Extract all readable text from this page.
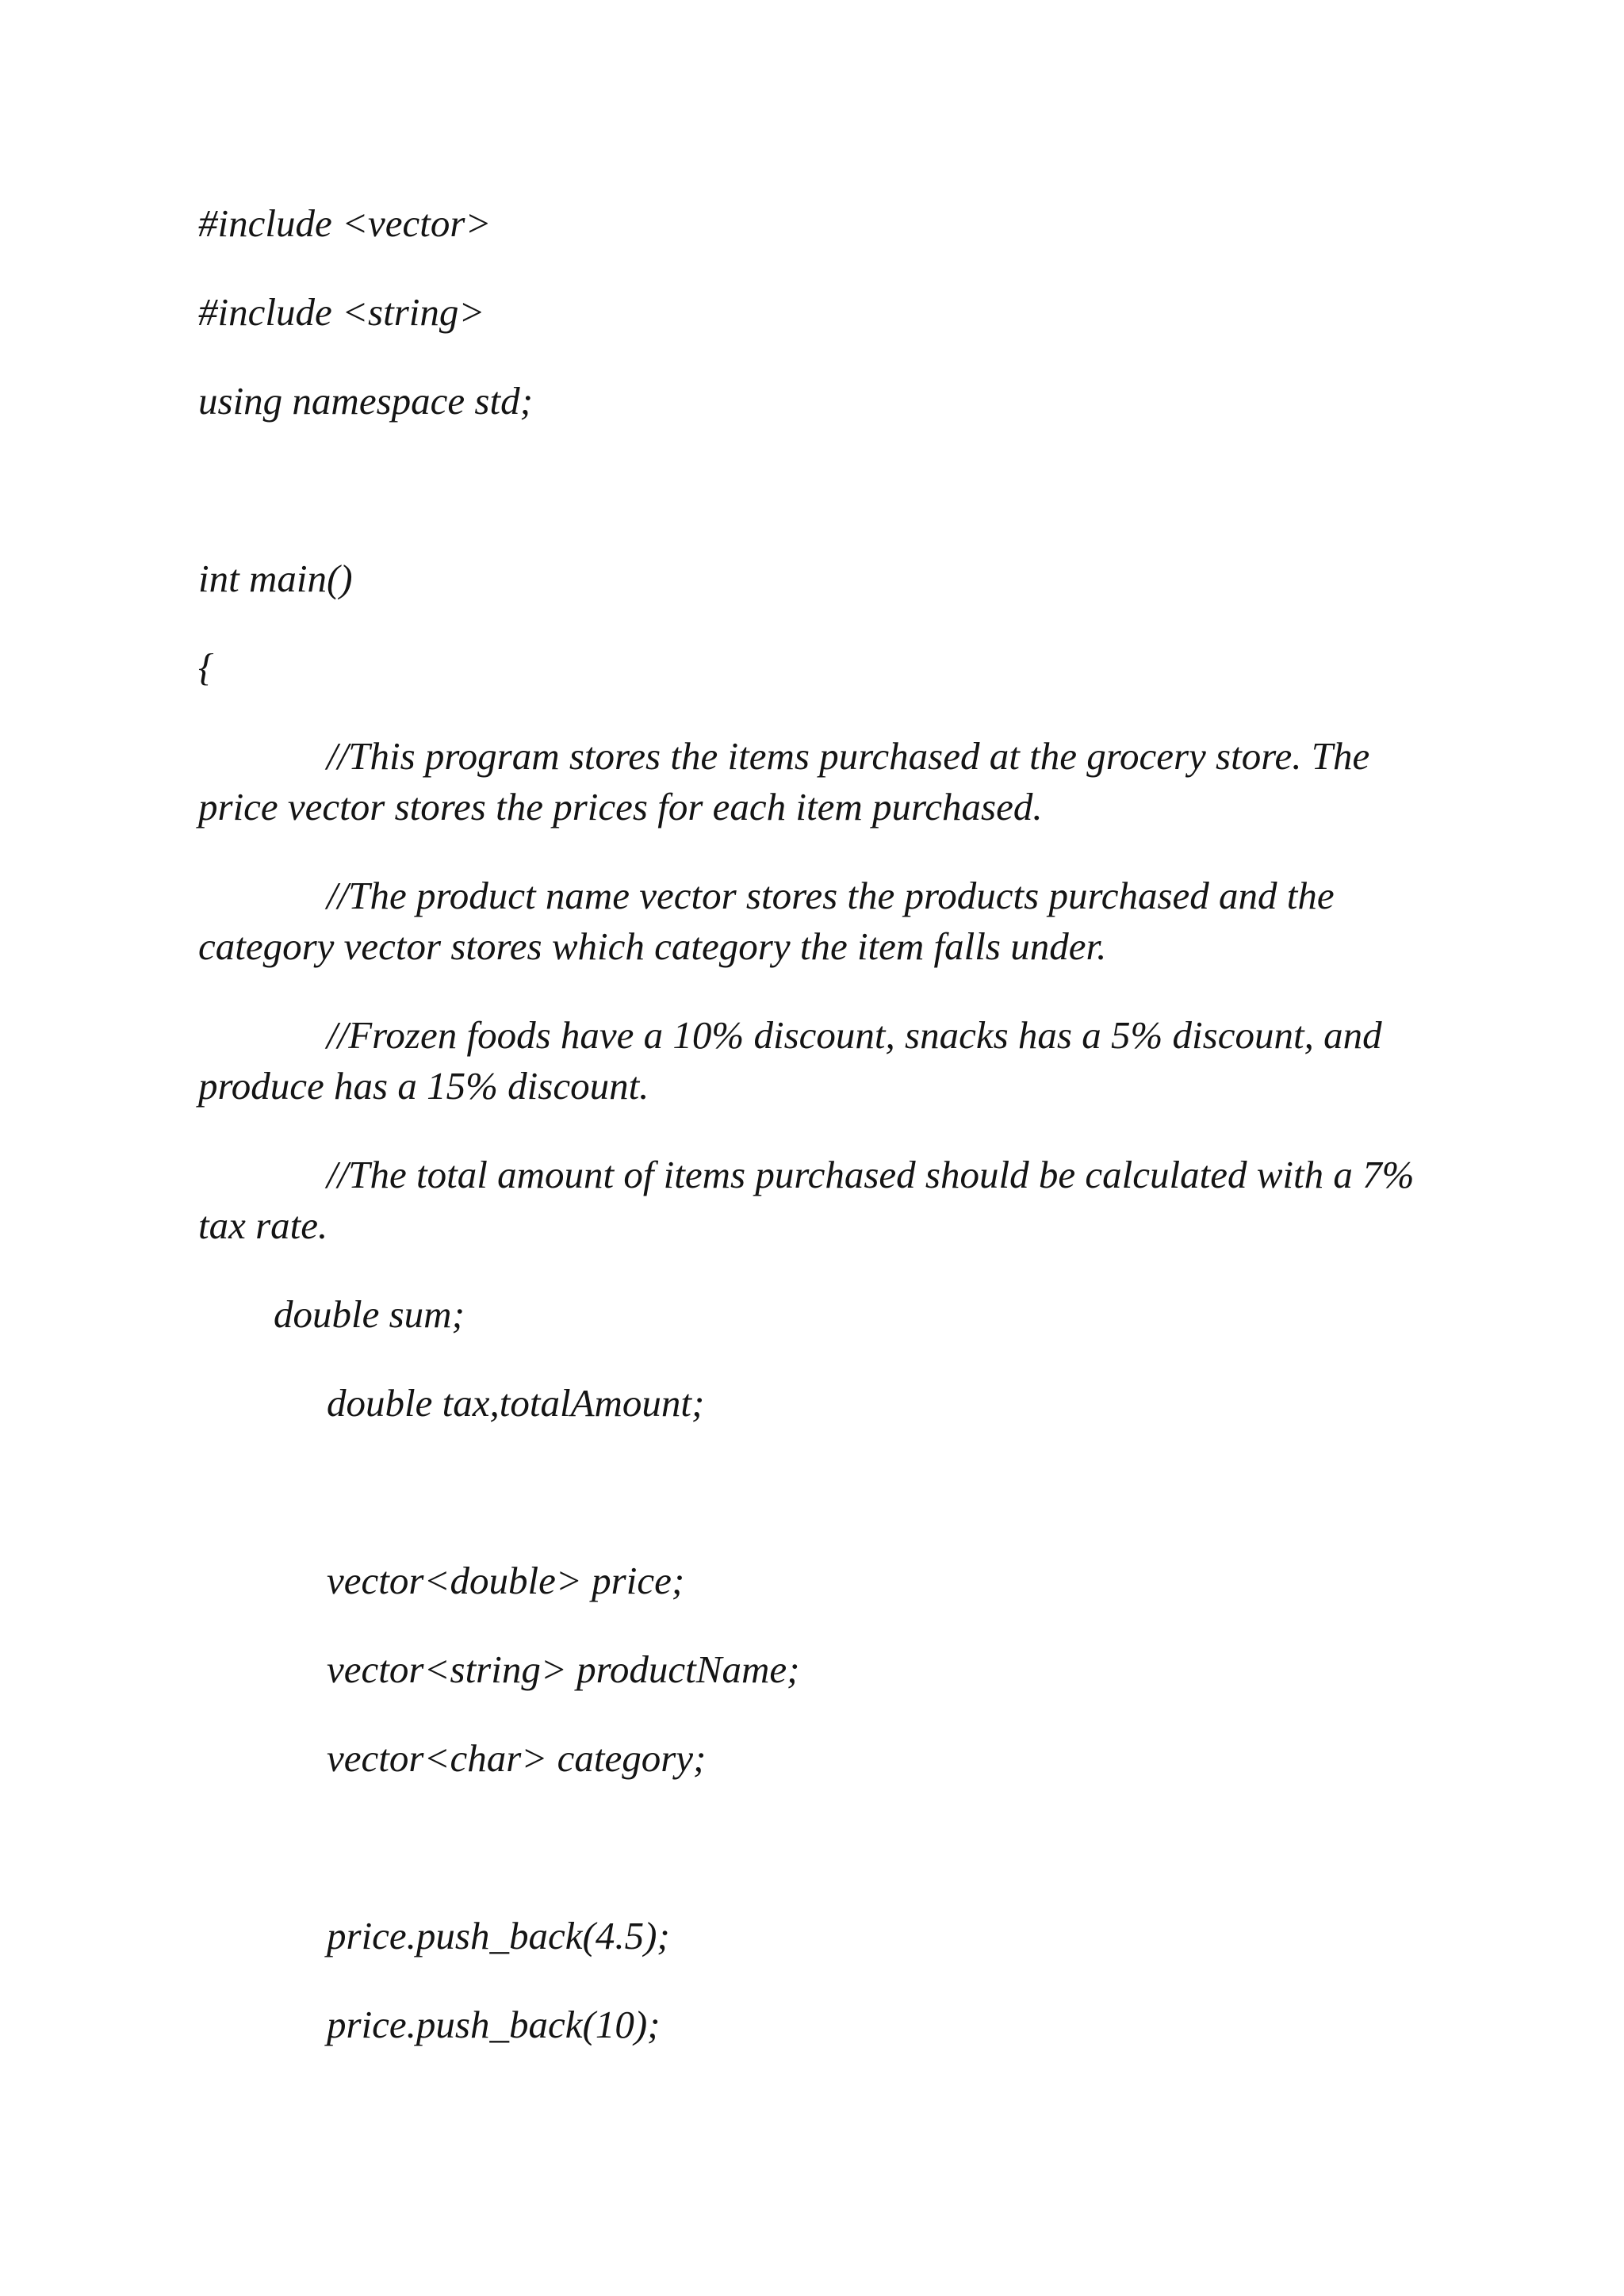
#include <vector>

#include <string>

using namespace std;

int main()

{

//This program stores the items purchased at the grocery store. The price vector stores the prices for each item purchased.

//The product name vector stores the products purchased and the category vector stores which category the item falls under.

//Frozen foods have a 10% discount, snacks has a 5% discount, and produce has a 15% discount.

//The total amount of items purchased should be calculated with a 7% tax rate.

double sum;

double tax,totalAmount;

vector<double> price;

vector<string> productName;

vector<char> category;

price.push_back(4.5);

price.push_back(10);
